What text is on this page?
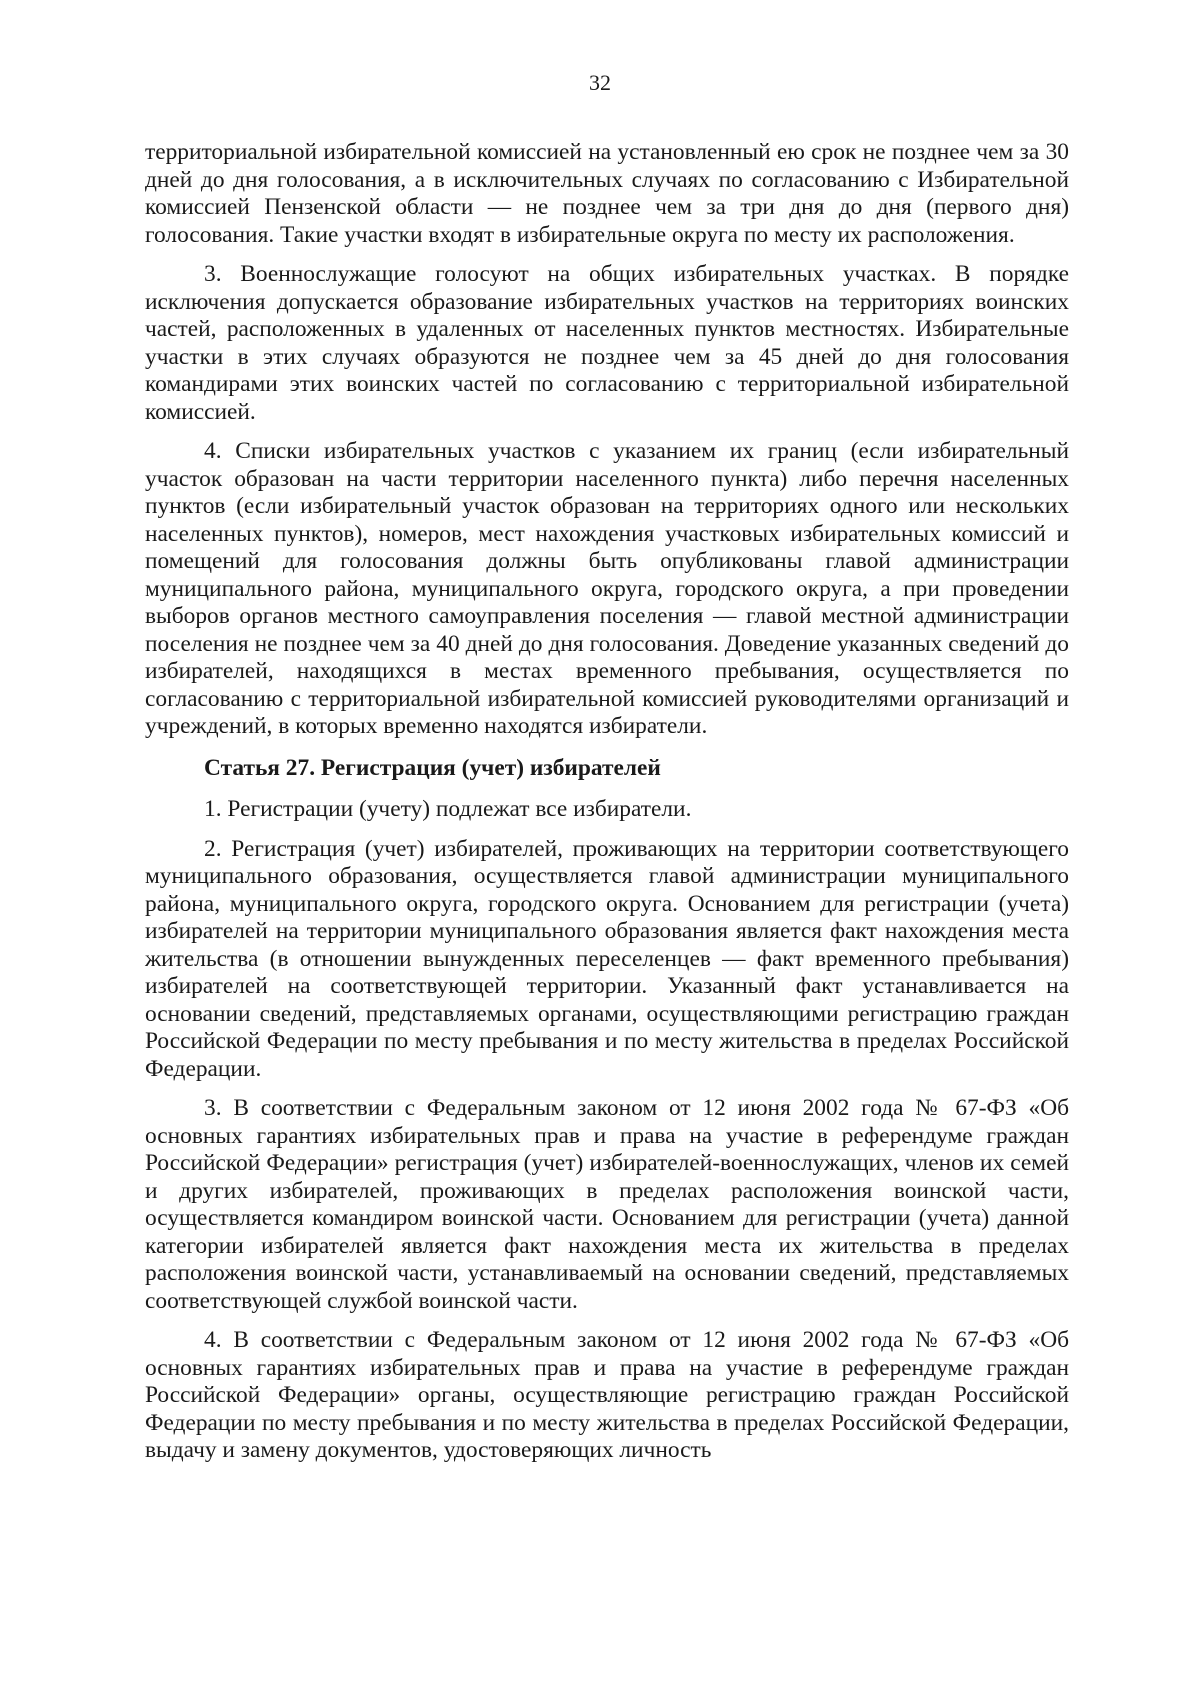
32

территориальной избирательной комиссией на установленный ею срок не позднее чем за 30 дней до дня голосования, а в исключительных случаях по согласованию с Избирательной комиссией Пензенской области — не позднее чем за три дня до дня (первого дня) голосования. Такие участки входят в избирательные округа по месту их расположения.

3. Военнослужащие голосуют на общих избирательных участках. В порядке исключения допускается образование избирательных участков на территориях воинских частей, расположенных в удаленных от населенных пунктов местностях. Избирательные участки в этих случаях образуются не позднее чем за 45 дней до дня голосования командирами этих воинских частей по согласованию с территориальной избирательной комиссией.

4. Списки избирательных участков с указанием их границ (если избирательный участок образован на части территории населенного пункта) либо перечня населенных пунктов (если избирательный участок образован на территориях одного или нескольких населенных пунктов), номеров, мест нахождения участковых избирательных комиссий и помещений для голосования должны быть опубликованы главой администрации муниципального района, муниципального округа, городского округа, а при проведении выборов органов местного самоуправления поселения — главой местной администрации поселения не позднее чем за 40 дней до дня голосования. Доведение указанных сведений до избирателей, находящихся в местах временного пребывания, осуществляется по согласованию с территориальной избирательной комиссией руководителями организаций и учреждений, в которых временно находятся избиратели.

Статья 27. Регистрация (учет) избирателей

1. Регистрации (учету) подлежат все избиратели.

2. Регистрация (учет) избирателей, проживающих на территории соответствующего муниципального образования, осуществляется главой администрации муниципального района, муниципального округа, городского округа. Основанием для регистрации (учета) избирателей на территории муниципального образования является факт нахождения места жительства (в отношении вынужденных переселенцев — факт временного пребывания) избирателей на соответствующей территории. Указанный факт устанавливается на основании сведений, представляемых органами, осуществляющими регистрацию граждан Российской Федерации по месту пребывания и по месту жительства в пределах Российской Федерации.

3. В соответствии с Федеральным законом от 12 июня 2002 года № 67-ФЗ «Об основных гарантиях избирательных прав и права на участие в референдуме граждан Российской Федерации» регистрация (учет) избирателей-военнослужащих, членов их семей и других избирателей, проживающих в пределах расположения воинской части, осуществляется командиром воинской части. Основанием для регистрации (учета) данной категории избирателей является факт нахождения места их жительства в пределах расположения воинской части, устанавливаемый на основании сведений, представляемых соответствующей службой воинской части.

4. В соответствии с Федеральным законом от 12 июня 2002 года № 67-ФЗ «Об основных гарантиях избирательных прав и права на участие в референдуме граждан Российской Федерации» органы, осуществляющие регистрацию граждан Российской Федерации по месту пребывания и по месту жительства в пределах Российской Федерации, выдачу и замену документов, удостоверяющих личность
